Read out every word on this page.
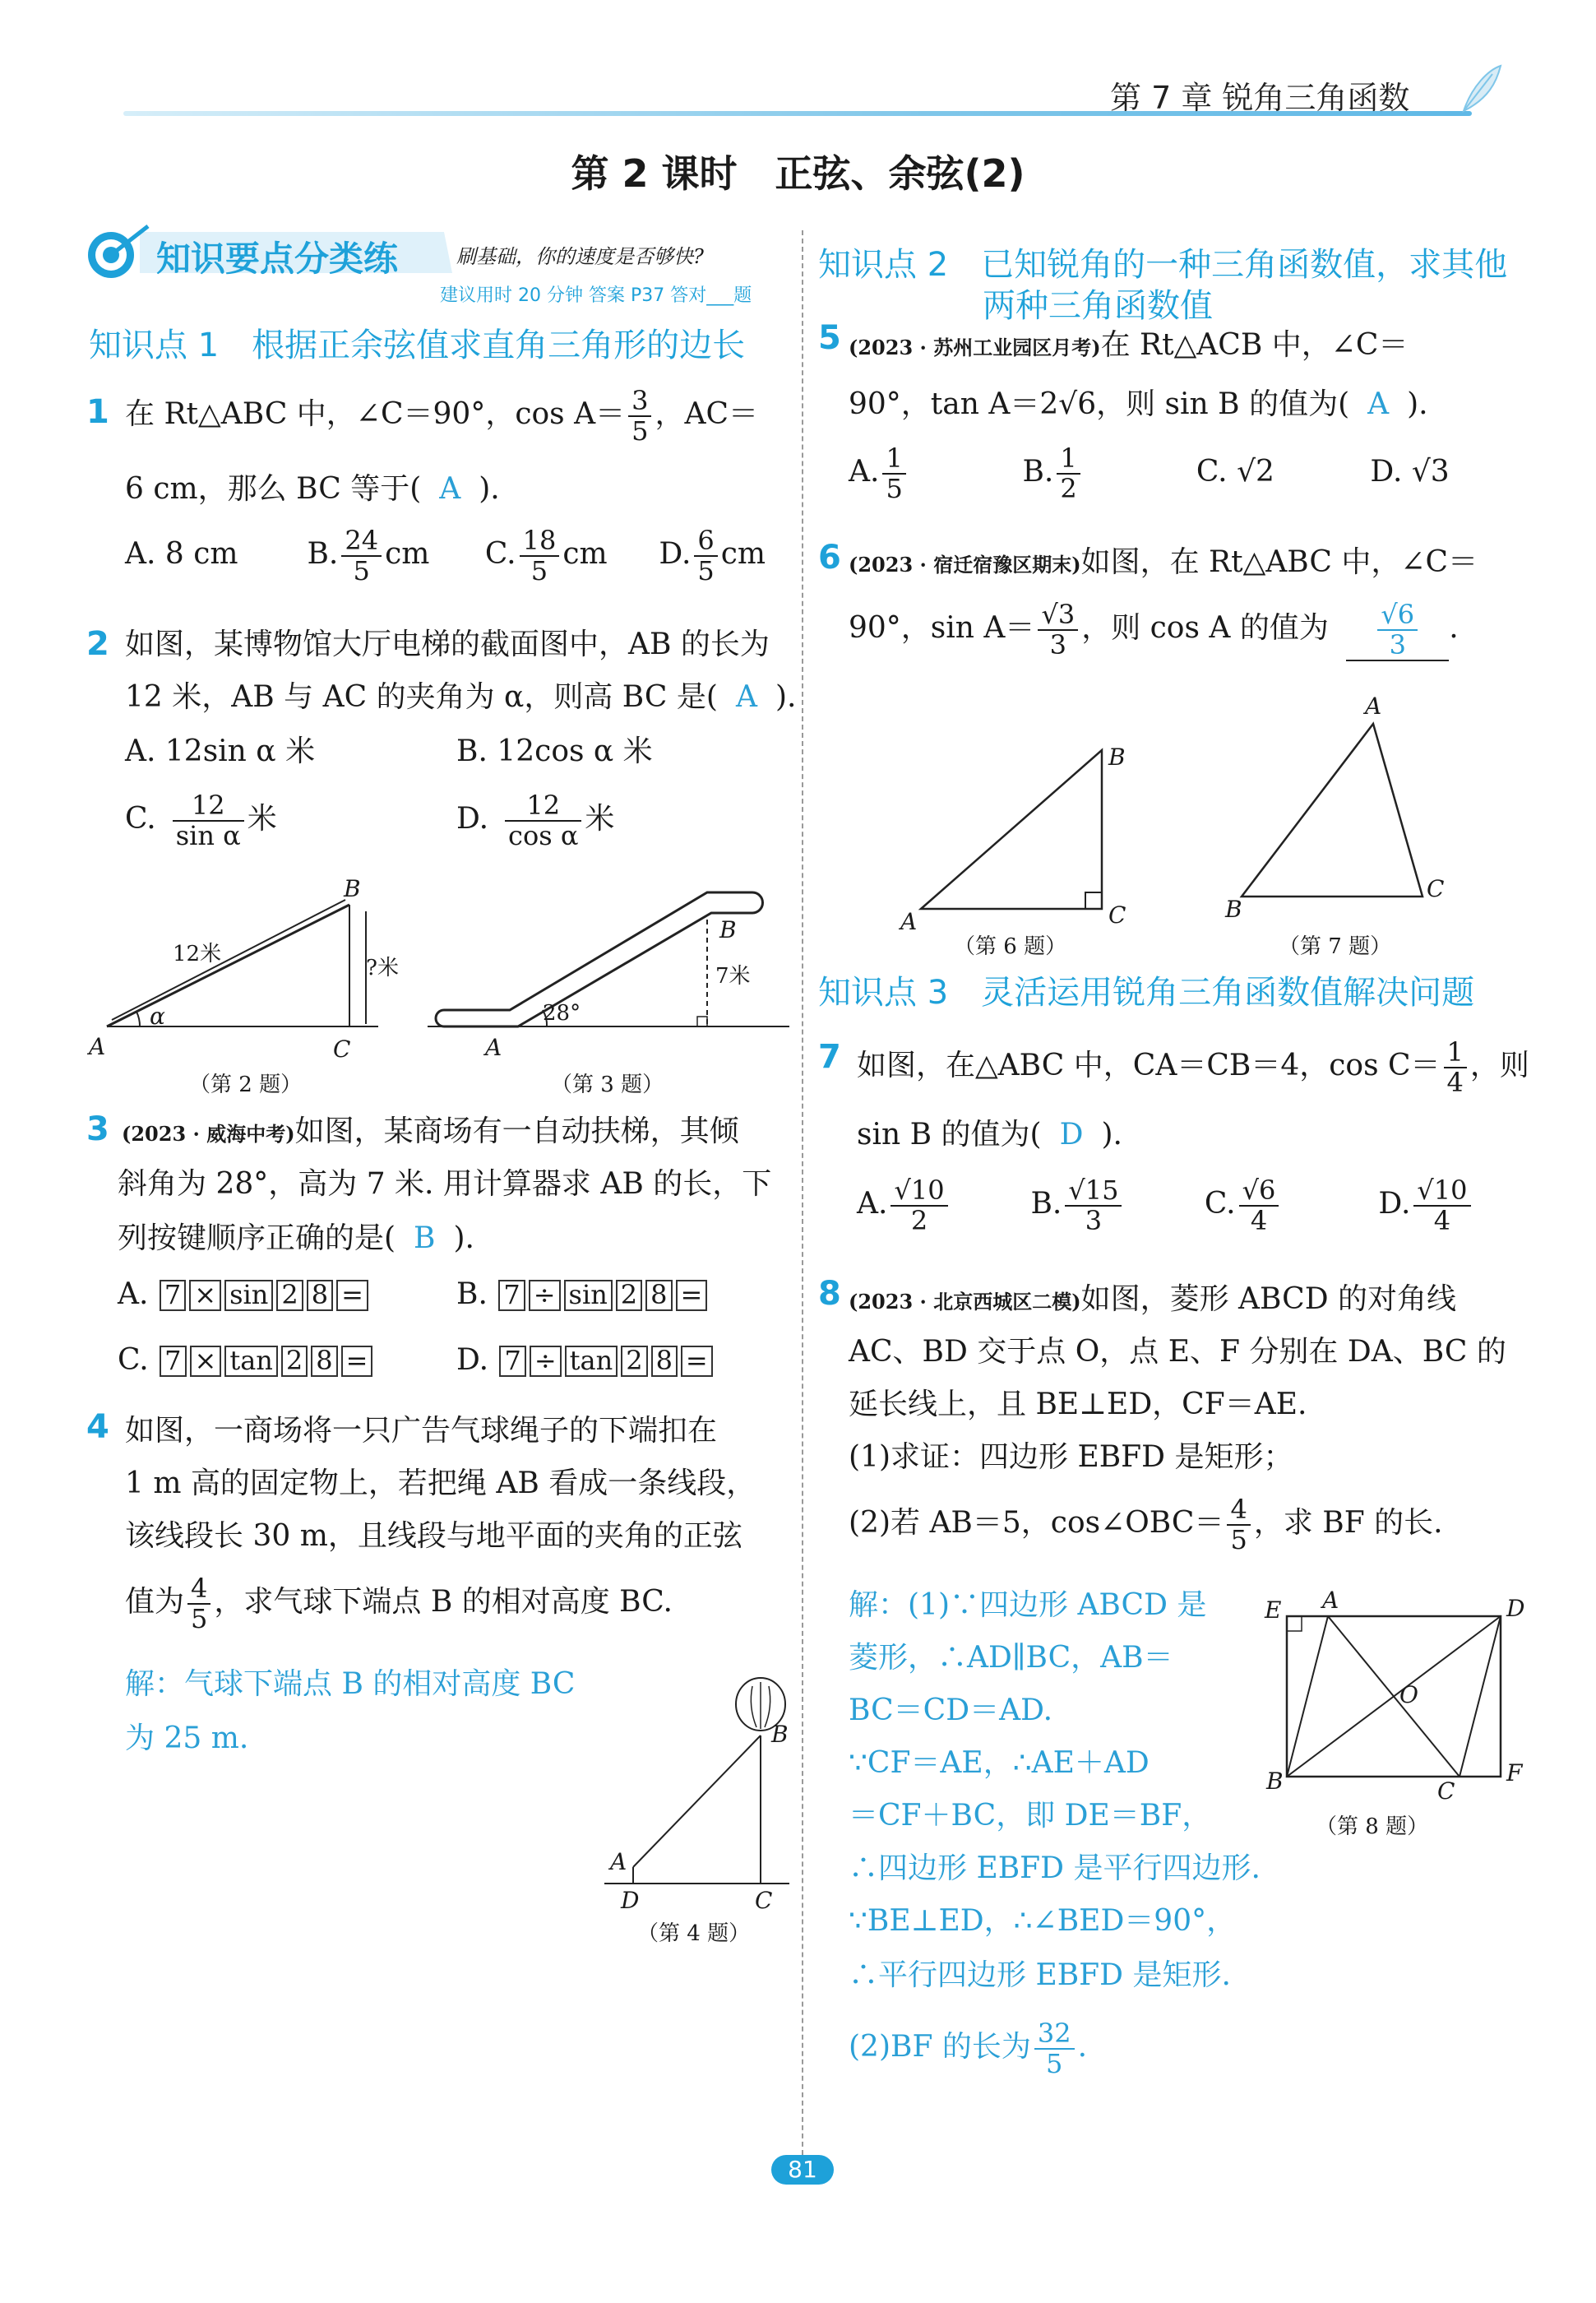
第 7 章 锐角三角函数
第 2 课时　正弦、余弦(2)
知识要点分类练	刷基础，你的速度是否够快?
建议用时 20 分钟 答案 P37 答对___题
知识点 1　根据正余弦值求直角三角形的边长
1 在 Rt△ABC 中，∠C＝90°，$\cos A= \frac{3}{5}$ ，AC＝
6 cm，那么 BC 等于( A ).
A. 8 cm B. $\frac{24}{5}$ cm C. $\frac{18}{5}$ cm D. $\frac{6}{5}$ cm
2 如图，某博物馆大厅电梯的截面图中，AB 的长为
12 米，AB 与 AC 的夹角为 α，则高 BC 是( A ).
A. 12sin α 米	B. 12cos α 米
C. $\frac{12}{\text{sin α}}$ 米	D. $\frac{12}{\text{cos α}}$ 米
A
B
C
12米
?米
α
（第 2 题）
A
B
7米
28°
（第 3 题）
3 (2023 · 威海中考)如图，某商场有一自动扶梯，其倾
斜角为 28°，高为 7 米. 用计算器求 AB 的长，下
列按键顺序正确的是( B ).
A. 7 × sin 2 8 =	B. 7 ÷ sin 2 8 =
C. 7 × tan 2 8 =	D. 7 ÷ tan 2 8 =
4 如图，一商场将一只广告气球绳子的下端扣在
1 m 高的固定物上，若把绳 AB 看成一条线段，
该线段长 30 m，且线段与地平面的夹角的正弦
值为 $\frac{4}{5}$ ，求气球下端点 B 的相对高度 BC.
解：气球下端点 B 的相对高度 BC
为 25 m.
A
B
C
D
（第 4 题）
知识点 2　已知锐角的一种三角函数值，求其他
两种三角函数值
5 (2023 · 苏州工业园区月考)在 Rt△ACB 中，∠C＝
90°，tan A＝2√6，则 sin B 的值为( A ).
A. $\frac{1}{5}$	B. $\frac{1}{2}$	C. √2	D. √3
6 (2023 · 宿迁宿豫区期末)如图，在 Rt△ABC 中，∠C＝
90°，$\sin A= \frac{√3}{3}$ ，则 cos A 的值为 $\frac{√6}{3}$ .
A
B
C
（第 6 题）
A
B
C
（第 7 题）
知识点 3　灵活运用锐角三角函数值解决问题
7 如图，在△ABC 中，CA＝CB＝4，$\cos C= \frac{1}{4}$ ，则
sin B 的值为( D ).
A. $\frac{√10}{2}$	B. $\frac{√15}{3}$	C. $\frac{√6}{4}$	D. $\frac{√10}{4}$
8 (2023 · 北京西城区二模)如图，菱形 ABCD 的对角线
AC、BD 交于点 O，点 E、F 分别在 DA、BC 的
延长线上，且 BE⊥ED，CF＝AE.
(1)求证：四边形 EBFD 是矩形；
(2)若 AB＝5，cos∠OBC＝ $\frac{4}{5}$ ，求 BF 的长.
解：(1)∵四边形 ABCD 是
菱形，∴AD∥BC，AB＝
BC＝CD＝AD.
∵CF＝AE，∴AE＋AD
＝CF＋BC，即 DE＝BF，
∴四边形 EBFD 是平行四边形.
∵BE⊥ED，∴∠BED＝90°，
∴平行四边形 EBFD 是矩形.
(2)BF 的长为 $\frac{32}{5}$ .
A
B	C
D
E
F
O
（第 8 题）
81
